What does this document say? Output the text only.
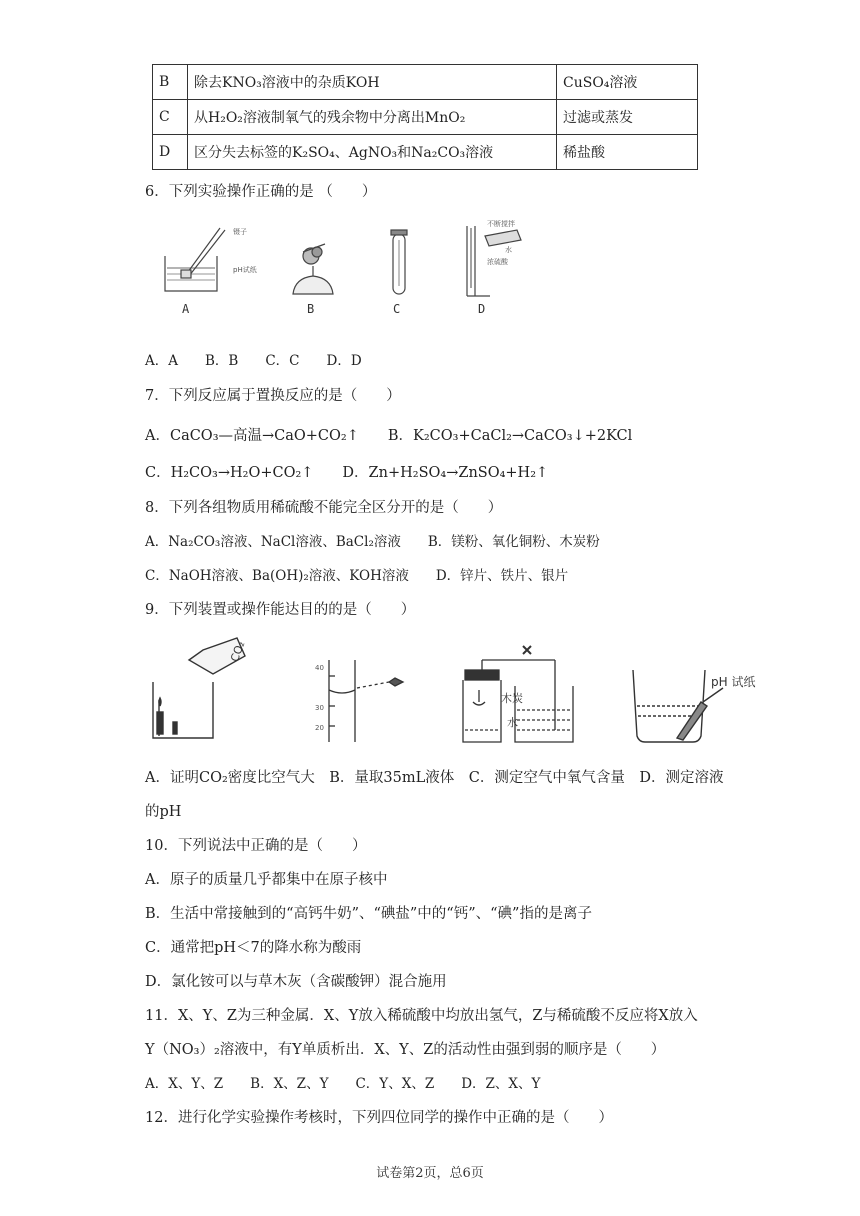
B	除去KNO₃溶液中的杂质KOH	CuSO₄溶液
C	从H₂O₂溶液制氧气的残余物中分离出MnO₂	过滤或蒸发
D	区分失去标签的K₂SO₄、AgNO₃和Na₂CO₃溶液	稀盐酸
6．下列实验操作正确的是 （　　）
镊子
pH试纸
不断搅拌
水
浓硫酸
A	B	C	D
A．A　　B．B　　C．C　　D．D
7．下列反应属于置换反应的是（　　）
A．CaCO₃—高温→CaO+CO₂↑　　B．K₂CO₃+CaCl₂→CaCO₃↓+2KCl
C．H₂CO₃→H₂O+CO₂↑　　D．Zn+H₂SO₄→ZnSO₄+H₂↑
8．下列各组物质用稀硫酸不能完全区分开的是（　　）
A．Na₂CO₃溶液、NaCl溶液、BaCl₂溶液　　B．镁粉、氧化铜粉、木炭粉
C．NaOH溶液、Ba(OH)₂溶液、KOH溶液　　D．锌片、铁片、银片
9．下列装置或操作能达目的的是（　　）
CO₂
40
30
20
木炭
水
pH 试纸
A．证明CO₂密度比空气大　B．量取35mL液体　C．测定空气中氧气含量　D．测定溶液
的pH
10．下列说法中正确的是（　　）
A．原子的质量几乎都集中在原子核中
B．生活中常接触到的“高钙牛奶”、“碘盐”中的“钙”、“碘”指的是离子
C．通常把pH＜7的降水称为酸雨
D．氯化铵可以与草木灰（含碳酸钾）混合施用
11．X、Y、Z为三种金属．X、Y放入稀硫酸中均放出氢气，Z与稀硫酸不反应将X放入
Y（NO₃）₂溶液中，有Y单质析出．X、Y、Z的活动性由强到弱的顺序是（　　）
A．X、Y、Z　　B．X、Z、Y　　C．Y、X、Z　　D．Z、X、Y
12．进行化学实验操作考核时，下列四位同学的操作中正确的是（　　）
试卷第2页，总6页
